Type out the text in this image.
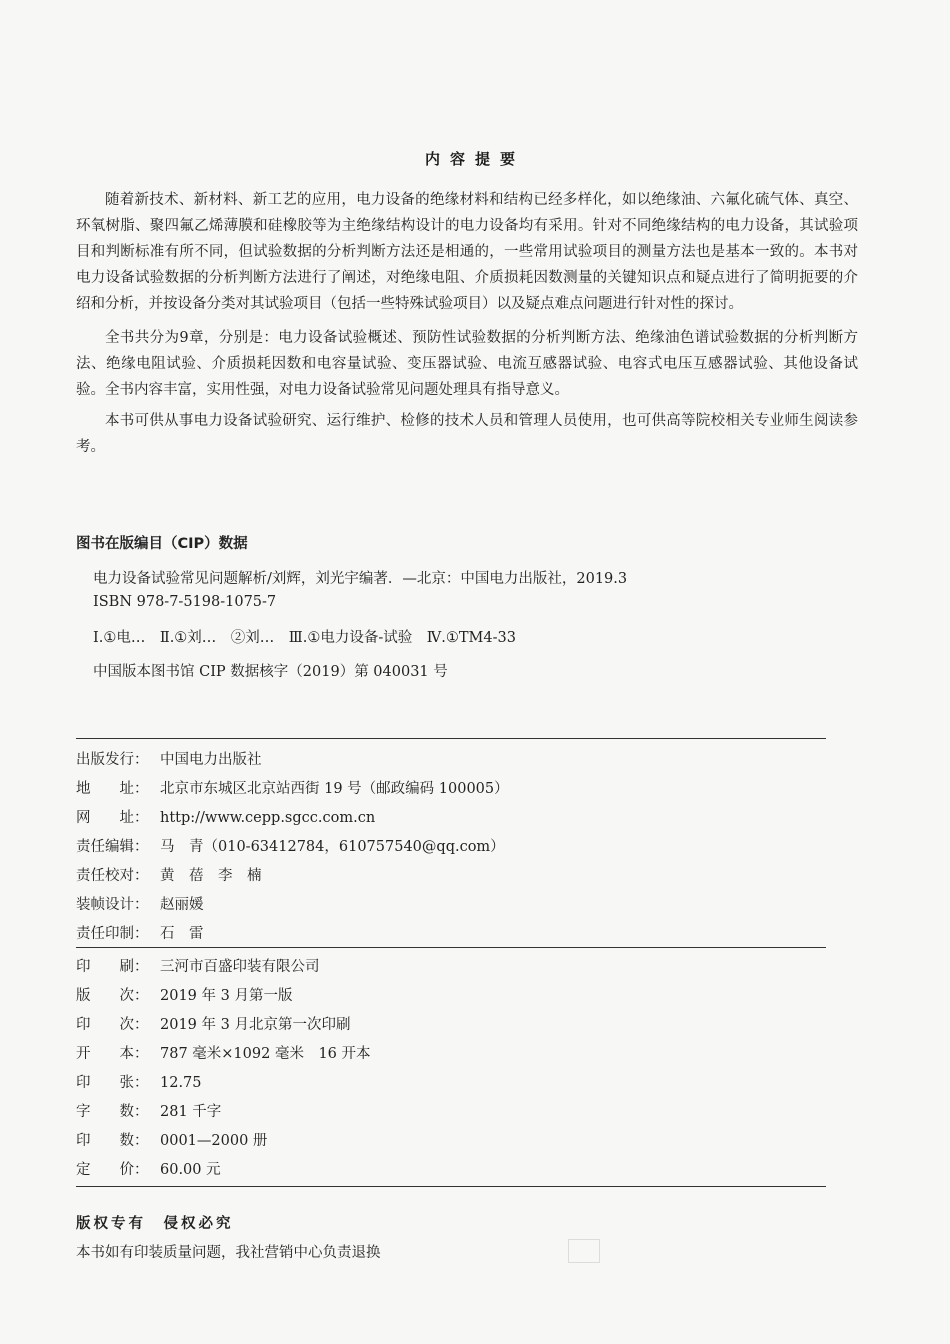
内容提要

随着新技术、新材料、新工艺的应用，电力设备的绝缘材料和结构已经多样化，如以绝缘油、六氟化硫气体、真空、环氧树脂、聚四氟乙烯薄膜和硅橡胶等为主绝缘结构设计的电力设备均有采用。针对不同绝缘结构的电力设备，其试验项目和判断标准有所不同，但试验数据的分析判断方法还是相通的，一些常用试验项目的测量方法也是基本一致的。本书对电力设备试验数据的分析判断方法进行了阐述，对绝缘电阻、介质损耗因数测量的关键知识点和疑点进行了简明扼要的介绍和分析，并按设备分类对其试验项目（包括一些特殊试验项目）以及疑点难点问题进行针对性的探讨。

全书共分为9章，分别是：电力设备试验概述、预防性试验数据的分析判断方法、绝缘油色谱试验数据的分析判断方法、绝缘电阻试验、介质损耗因数和电容量试验、变压器试验、电流互感器试验、电容式电压互感器试验、其他设备试验。全书内容丰富，实用性强，对电力设备试验常见问题处理具有指导意义。

本书可供从事电力设备试验研究、运行维护、检修的技术人员和管理人员使用，也可供高等院校相关专业师生阅读参考。

图书在版编目（CIP）数据
电力设备试验常见问题解析/刘辉，刘光宇编著．—北京：中国电力出版社，2019.3
ISBN 978-7-5198-1075-7
Ⅰ.①电…　Ⅱ.①刘…　②刘…　Ⅲ.①电力设备-试验　Ⅳ.①TM4-33
中国版本图书馆 CIP 数据核字（2019）第 040031 号
出版发行： 中国电力出版社
地　　址： 北京市东城区北京站西街 19 号（邮政编码 100005）
网　　址： http://www.cepp.sgcc.com.cn
责任编辑： 马　青（010-63412784，610757540@qq.com）
责任校对： 黄　蓓　李　楠
装帧设计： 赵丽媛
责任印制： 石　雷
印　　刷： 三河市百盛印装有限公司
版　　次： 2019 年 3 月第一版
印　　次： 2019 年 3 月北京第一次印刷
开　　本： 787 毫米×1092 毫米　16 开本
印　　张： 12.75
字　　数： 281 千字
印　　数： 0001—2000 册
定　　价： 60.00 元
版权专有　侵权必究
本书如有印装质量问题，我社营销中心负责退换
